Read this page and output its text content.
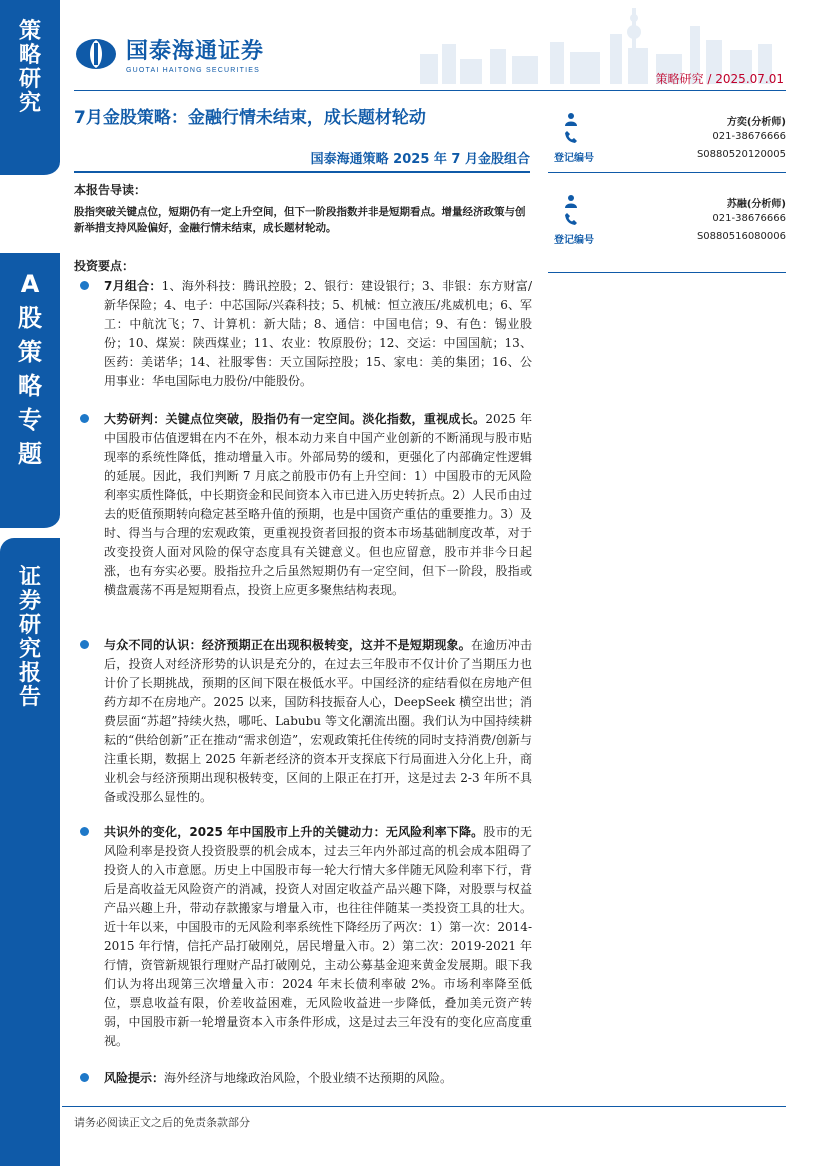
策
略
研
究
A
股
策
略
专
题
证
券
研
究
报
告
国泰海通证券
GUOTAI HAITONG SECURITIES
策略研究 / 2025.07.01
7月金股策略：金融行情未结束，成长题材轮动
国泰海通策略 2025 年 7 月金股组合
方奕(分析师)
021-38676666
登记编号	S0880520120005
苏融(分析师)
021-38676666
登记编号	S0880516080006
本报告导读：
股指突破关键点位，短期仍有一定上升空间，但下一阶段指数并非是短期看点。增量经济政策与创新举措支持风险偏好，金融行情未结束，成长题材轮动。
投资要点：
7月组合：1、海外科技：腾讯控股；2、银行：建设银行；3、非银：东方财富/新华保险；4、电子：中芯国际/兴森科技；5、机械：恒立液压/兆威机电；6、军工：中航沈飞；7、计算机：新大陆；8、通信：中国电信；9、有色：锡业股份；10、煤炭：陕西煤业；11、农业：牧原股份；12、交运：中国国航；13、医药：美诺华；14、社服零售：天立国际控股；15、家电：美的集团；16、公用事业：华电国际电力股份/中能股份。
大势研判：关键点位突破，股指仍有一定空间。淡化指数，重视成长。2025 年中国股市估值逻辑在内不在外，根本动力来自中国产业创新的不断涌现与股市贴现率的系统性降低，推动增量入市。外部局势的缓和，更强化了内部确定性逻辑的延展。因此，我们判断 7 月底之前股市仍有上升空间：1）中国股市的无风险利率实质性降低，中长期资金和民间资本入市已进入历史转折点。2）人民币由过去的贬值预期转向稳定甚至略升值的预期，也是中国资产重估的重要推力。3）及时、得当与合理的宏观政策，更重视投资者回报的资本市场基础制度改革，对于改变投资人面对风险的保守态度具有关键意义。但也应留意，股市并非今日起涨，也有夯实必要。股指拉升之后虽然短期仍有一定空间，但下一阶段，股指或横盘震荡不再是短期看点，投资上应更多聚焦结构表现。
与众不同的认识：经济预期正在出现积极转变，这并不是短期现象。在逾历冲击后，投资人对经济形势的认识是充分的，在过去三年股市不仅计价了当期压力也计价了长期挑战，预期的区间下限在极低水平。中国经济的症结看似在房地产但药方却不在房地产。2025 以来，国防科技振奋人心，DeepSeek 横空出世；消费层面“苏超”持续火热，哪吒、Labubu 等文化潮流出圈。我们认为中国持续耕耘的“供给创新”正在推动“需求创造”，宏观政策托住传统的同时支持消费/创新与注重长期，数据上 2025 年新老经济的资本开支探底下行局面进入分化上升，商业机会与经济预期出现积极转变，区间的上限正在打开，这是过去 2-3 年所不具备或没那么显性的。
共识外的变化，2025 年中国股市上升的关键动力：无风险利率下降。股市的无风险利率是投资人投资股票的机会成本，过去三年内外部过高的机会成本阻碍了投资人的入市意愿。历史上中国股市每一轮大行情大多伴随无风险利率下行，背后是高收益无风险资产的消减，投资人对固定收益产品兴趣下降，对股票与权益产品兴趣上升，带动存款搬家与增量入市，也往往伴随某一类投资工具的壮大。近十年以来，中国股市的无风险利率系统性下降经历了两次：1）第一次：2014-2015 年行情，信托产品打破刚兑，居民增量入市。2）第二次：2019-2021 年行情，资管新规银行理财产品打破刚兑，主动公募基金迎来黄金发展期。眼下我们认为将出现第三次增量入市：2024 年末长债利率破 2%。市场利率降至低位，票息收益有限，价差收益困难，无风险收益进一步降低，叠加美元资产转弱，中国股市新一轮增量资本入市条件形成，这是过去三年没有的变化应高度重视。
风险提示：海外经济与地缘政治风险，个股业绩不达预期的风险。
请务必阅读正文之后的免责条款部分
